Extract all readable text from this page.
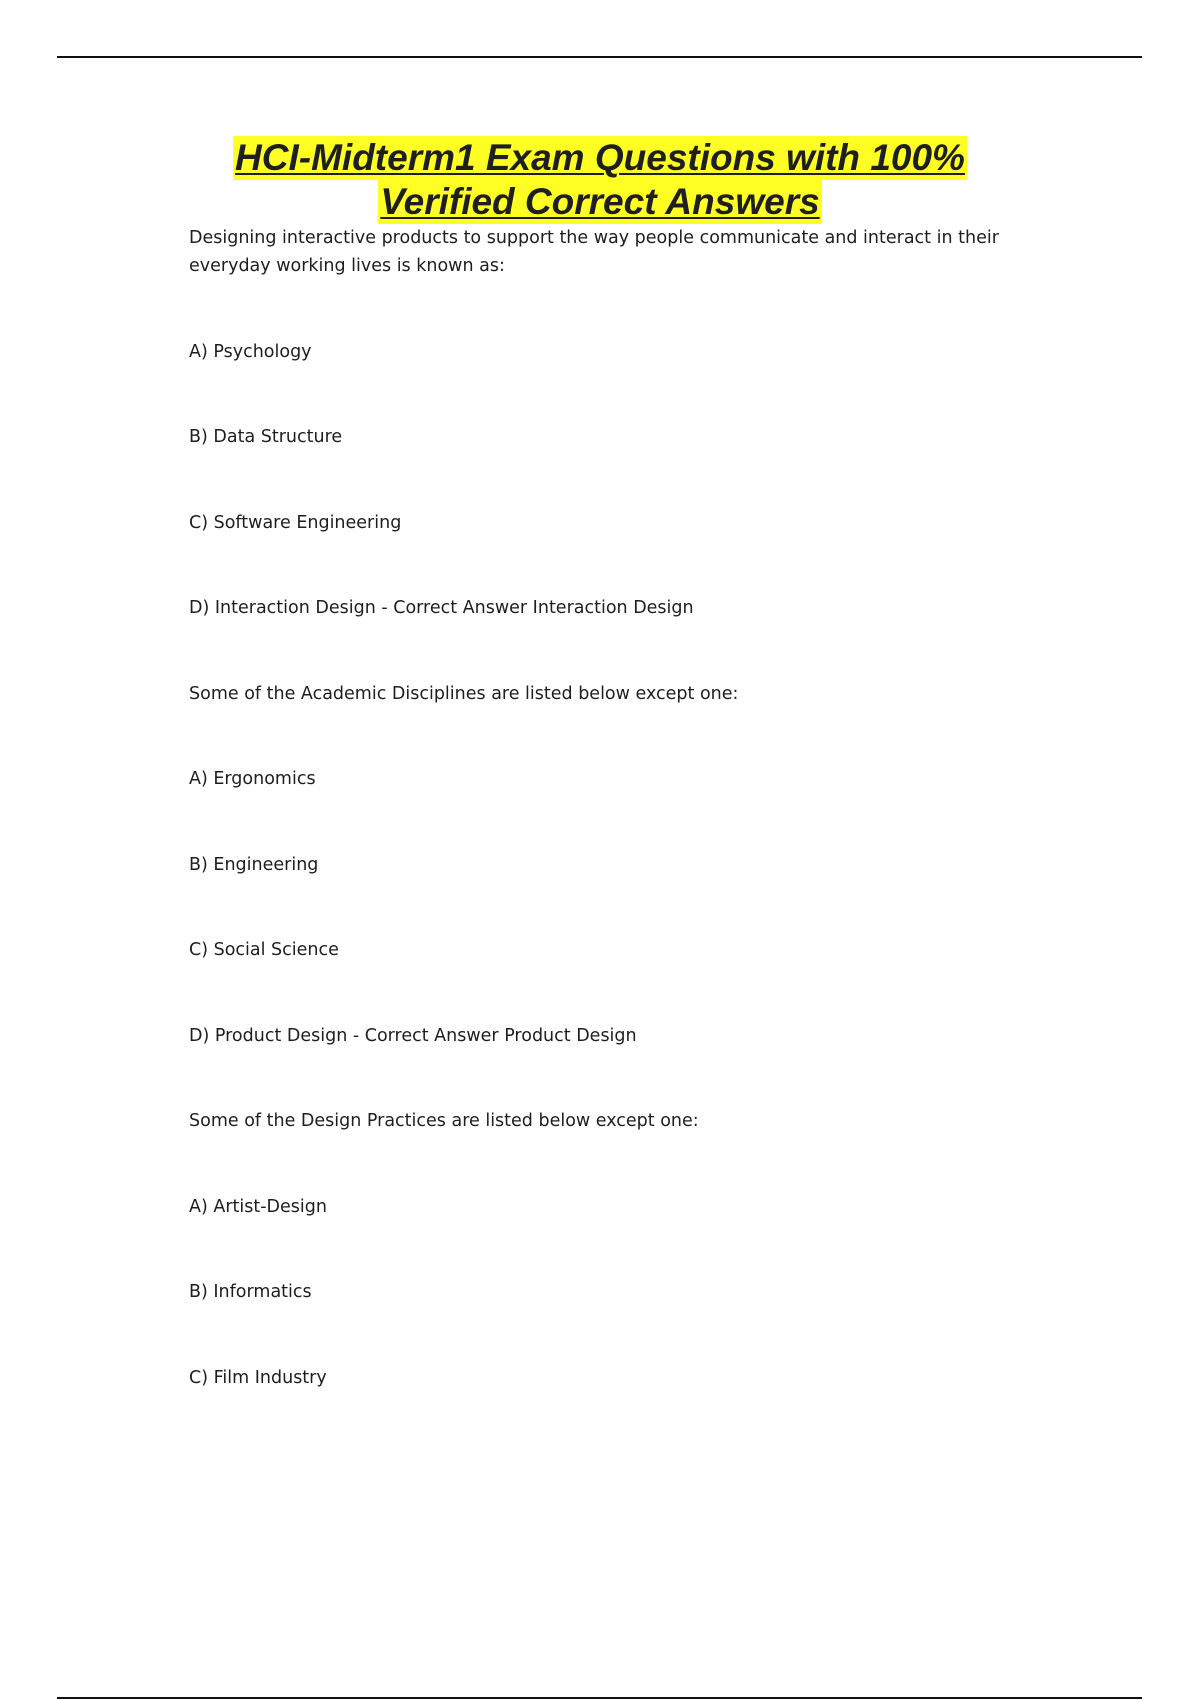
HCI-Midterm1 Exam Questions with 100%
Verified Correct Answers
Designing interactive products to support the way people communicate and interact in their
everyday working lives is known as:
A) Psychology
B) Data Structure
C) Software Engineering
D) Interaction Design - Correct Answer Interaction Design
Some of the Academic Disciplines are listed below except one:
A) Ergonomics
B) Engineering
C) Social Science
D) Product Design - Correct Answer Product Design
Some of the Design Practices are listed below except one:
A) Artist-Design
B) Informatics
C) Film Industry
